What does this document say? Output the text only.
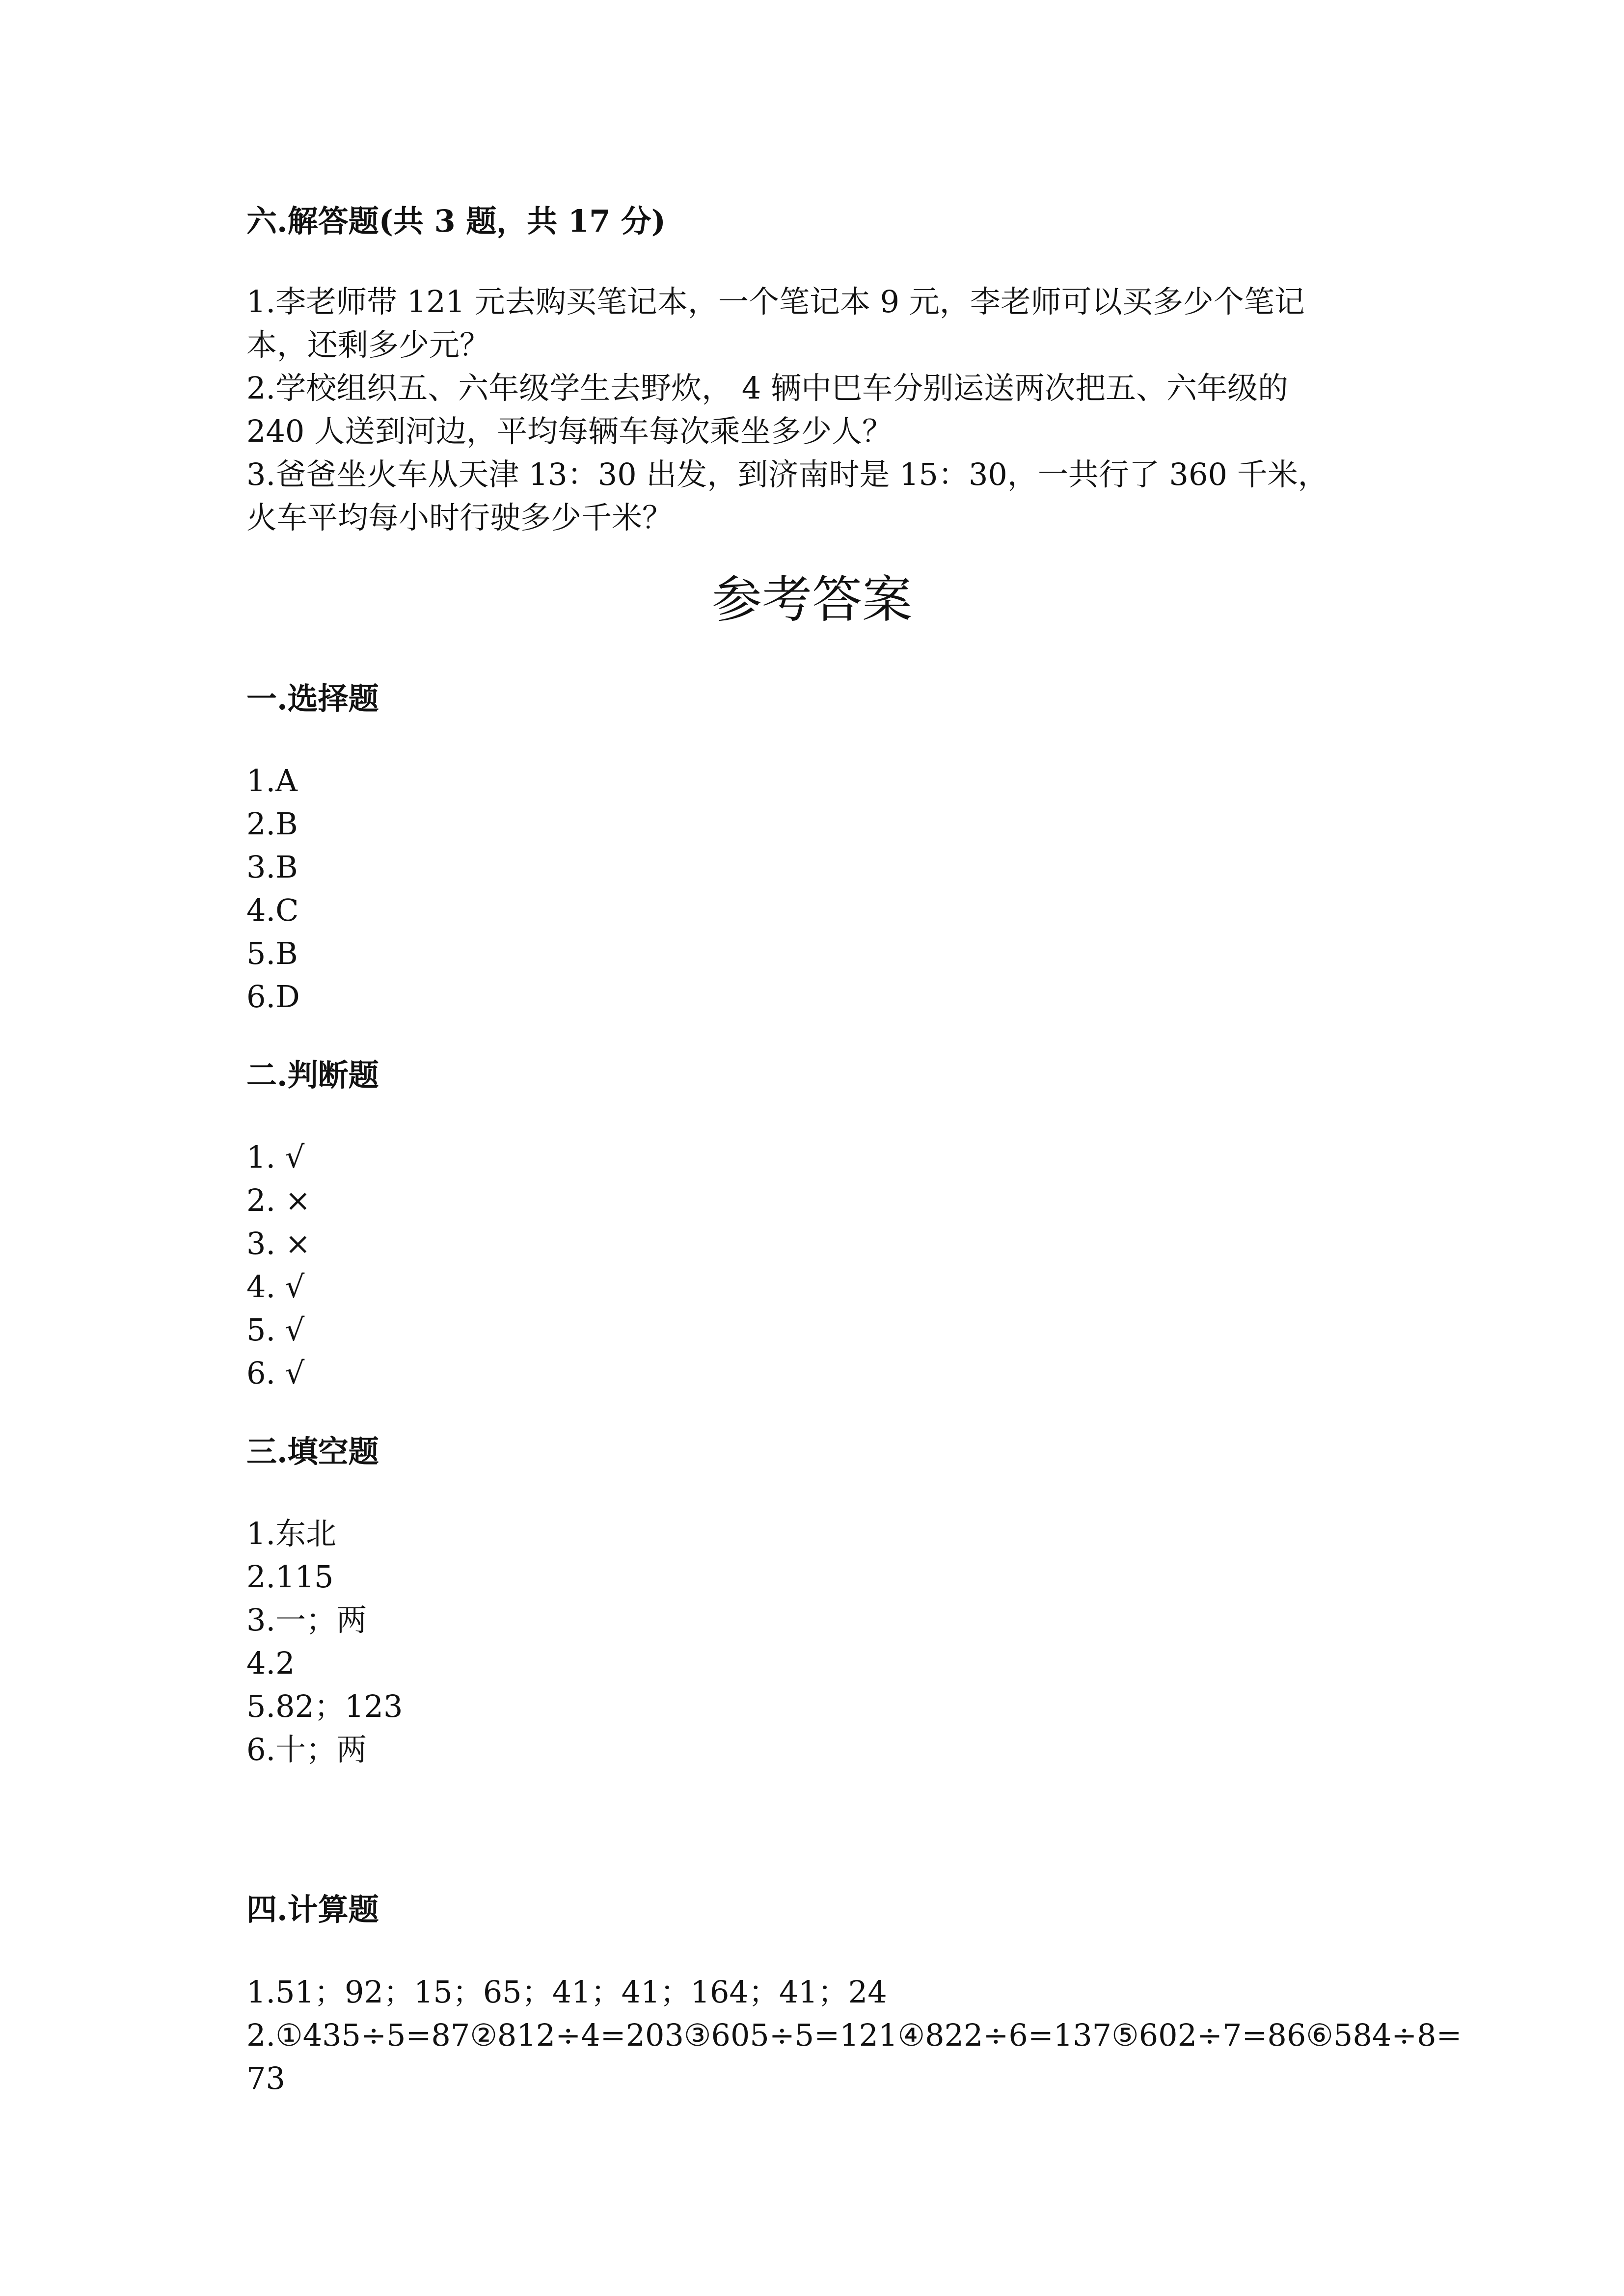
六.解答题(共 3 题，共 17 分)
1.李老师带 121 元去购买笔记本，一个笔记本 9 元，李老师可以买多少个笔记
本，还剩多少元？
2.学校组织五、六年级学生去野炊， 4 辆中巴车分别运送两次把五、六年级的
240 人送到河边，平均每辆车每次乘坐多少人？
3.爸爸坐火车从天津 13：30 出发，到济南时是 15：30，一共行了 360 千米，
火车平均每小时行驶多少千米？
参考答案
一.选择题
1.A
2.B
3.B
4.C
5.B
6.D
二.判断题
1. √
2. ×
3. ×
4. √
5. √
6. √
三.填空题
1.东北
2.115
3.一；两
4.2
5.82；123
6.十；两
四.计算题
1.51；92；15；65；41；41；164；41；24
2.①435÷5=87②812÷4=203③605÷5=121④822÷6=137⑤602÷7=86⑥584÷8=
73
